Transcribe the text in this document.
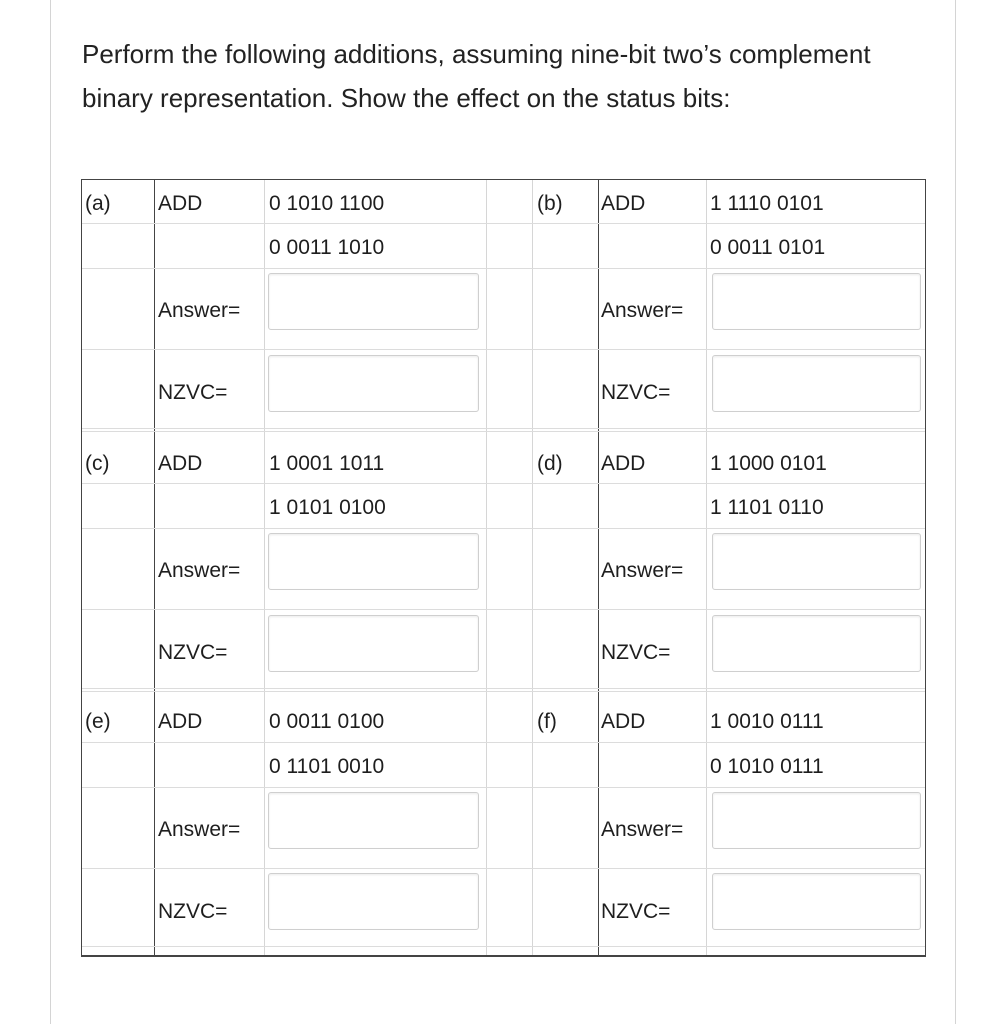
Perform the following additions, assuming nine-bit two’s complement binary representation. Show the effect on the status bits:

(a) ADD	0 1010 1100
0 0011 1010
Answer=
NZVC=
(b) ADD	1 1110 0101
0 0011 0101
Answer=
NZVC=
(c) ADD	1 0001 1011
1 0101 0100
Answer=
NZVC=
(d) ADD	1 1000 0101
1 1101 0110
Answer=
NZVC=
(e) ADD	0 0011 0100
0 1101 0010
Answer=
NZVC=
(f) ADD	1 0010 0111
0 1010 0111
Answer=
NZVC=
